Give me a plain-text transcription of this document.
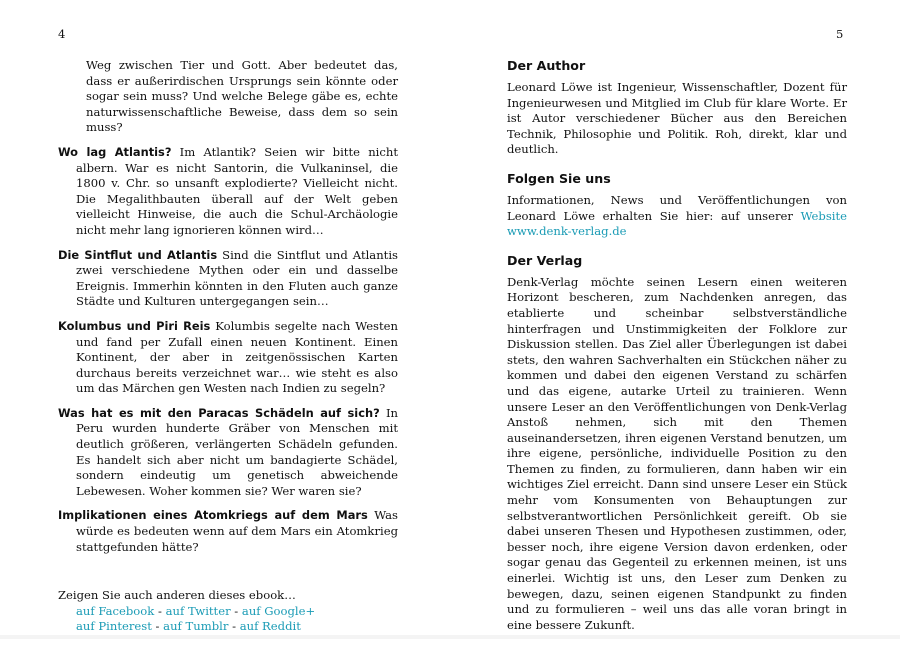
4	5
Weg zwischen Tier und Gott. Aber bedeutet das, dass er außerirdischen Ursprungs sein könnte oder sogar sein muss? Und welche Belege gäbe es, echte naturwissenschaftliche Beweise, dass dem so sein muss?
Wo lag Atlantis? Im Atlantik? Seien wir bitte nicht albern. War es nicht Santorin, die Vulkaninsel, die 1800 v. Chr. so unsanft explodierte? Vielleicht nicht. Die Megalithbauten überall auf der Welt geben vielleicht Hinweise, die auch die Schul-Archäologie nicht mehr lang ignorieren können wird…
Die Sintflut und Atlantis Sind die Sintflut und Atlantis zwei verschiedene Mythen oder ein und dasselbe Ereignis. Immerhin könnten in den Fluten auch ganze Städte und Kulturen untergegangen sein…
Kolumbus und Piri Reis Kolumbis segelte nach Westen und fand per Zufall einen neuen Kontinent. Einen Kontinent, der aber in zeitgenössischen Karten durchaus bereits verzeichnet war… wie steht es also um das Märchen gen Westen nach Indien zu segeln?
Was hat es mit den Paracas Schädeln auf sich? In Peru wurden hunderte Gräber von Menschen mit deutlich größeren, verlängerten Schädeln gefunden. Es handelt sich aber nicht um bandagierte Schädel, sondern eindeutig um genetisch abweichende Lebewesen. Woher kommen sie? Wer waren sie?
Implikationen eines Atomkriegs auf dem Mars Was würde es bedeuten wenn auf dem Mars ein Atomkrieg stattgefunden hätte?
Zeigen Sie auch anderen dieses ebook…
auf Facebook - auf Twitter - auf Google+
auf Pinterest - auf Tumblr - auf Reddit
Der Author
Leonard Löwe ist Ingenieur, Wissenschaftler, Dozent für Ingenieurwesen und Mitglied im Club für klare Worte. Er ist Autor verschiedener Bücher aus den Bereichen Technik, Philosophie und Politik. Roh, direkt, klar und deutlich.
Folgen Sie uns
Informationen, News und Veröffentlichungen von Leonard Löwe erhalten Sie hier: auf unserer Website www.denk-verlag.de
Der Verlag
Denk-Verlag möchte seinen Lesern einen weiteren Horizont bescheren, zum Nachdenken anregen, das etablierte und scheinbar selbstverständliche hinterfragen und Unstimmigkeiten der Folklore zur Diskussion stellen. Das Ziel aller Überlegungen ist dabei stets, den wahren Sachverhalten ein Stückchen näher zu kommen und dabei den eigenen Verstand zu schärfen und das eigene, autarke Urteil zu trainieren. Wenn unsere Leser an den Veröffentlichungen von Denk-Verlag Anstoß nehmen, sich mit den Themen auseinandersetzen, ihren eigenen Verstand benutzen, um ihre eigene, persönliche, individuelle Position zu den Themen zu finden, zu formulieren, dann haben wir ein wichtiges Ziel erreicht. Dann sind unsere Leser ein Stück mehr vom Konsumenten von Behauptungen zur selbstverantwortlichen Persönlichkeit gereift. Ob sie dabei unseren Thesen und Hypothesen zustimmen, oder, besser noch, ihre eigene Version davon erdenken, oder sogar genau das Gegenteil zu erkennen meinen, ist uns einerlei. Wichtig ist uns, den Leser zum Denken zu bewegen, dazu, seinen eigenen Standpunkt zu finden und zu formulieren – weil uns das alle voran bringt in eine bessere Zukunft.
